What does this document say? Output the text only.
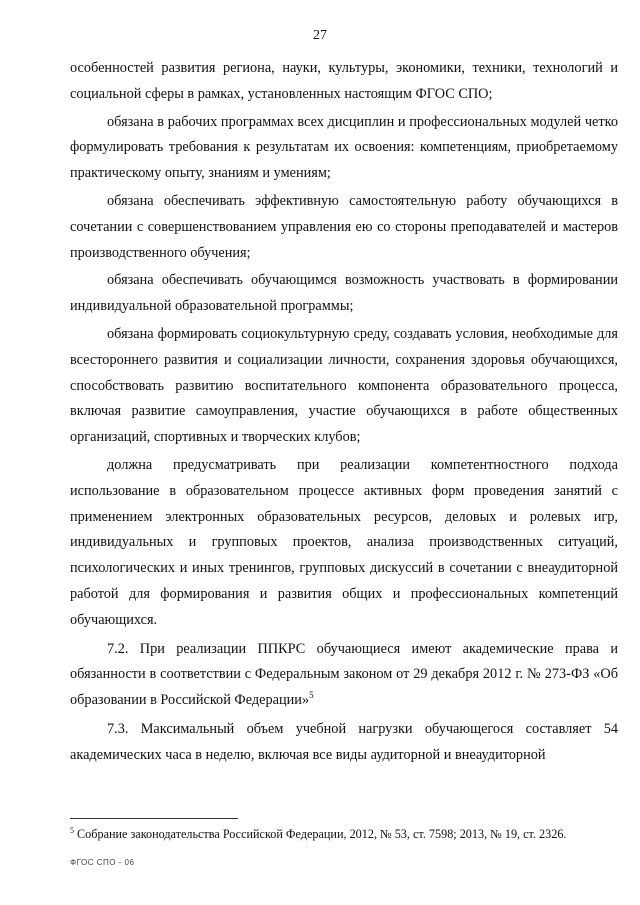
27

особенностей развития региона, науки, культуры, экономики, техники, технологий и социальной сферы в рамках, установленных настоящим ФГОС СПО;

обязана в рабочих программах всех дисциплин и профессиональных модулей четко формулировать требования к результатам их освоения: компетенциям, приобретаемому практическому опыту, знаниям и умениям;

обязана обеспечивать эффективную самостоятельную работу обучающихся в сочетании с совершенствованием управления ею со стороны преподавателей и мастеров производственного обучения;

обязана обеспечивать обучающимся возможность участвовать в формировании индивидуальной образовательной программы;

обязана формировать социокультурную среду, создавать условия, необходимые для всестороннего развития и социализации личности, сохранения здоровья обучающихся, способствовать развитию воспитательного компонента образовательного процесса, включая развитие самоуправления, участие обучающихся в работе общественных организаций, спортивных и творческих клубов;

должна предусматривать при реализации компетентностного подхода использование в образовательном процессе активных форм проведения занятий с применением электронных образовательных ресурсов, деловых и ролевых игр, индивидуальных и групповых проектов, анализа производственных ситуаций, психологических и иных тренингов, групповых дискуссий в сочетании с внеаудиторной работой для формирования и развития общих и профессиональных компетенций обучающихся.

7.2. При реализации ППКРС обучающиеся имеют академические права и обязанности в соответствии с Федеральным законом от 29 декабря 2012 г. № 273-ФЗ «Об образовании в Российской Федерации»$^5$

7.3. Максимальный объем учебной нагрузки обучающегося составляет 54 академических часа в неделю, включая все виды аудиторной и внеаудиторной

$^5$ Собрание законодательства Российской Федерации, 2012, № 53, ст. 7598; 2013, № 19, ст. 2326.
ФГОС СПО - 06
